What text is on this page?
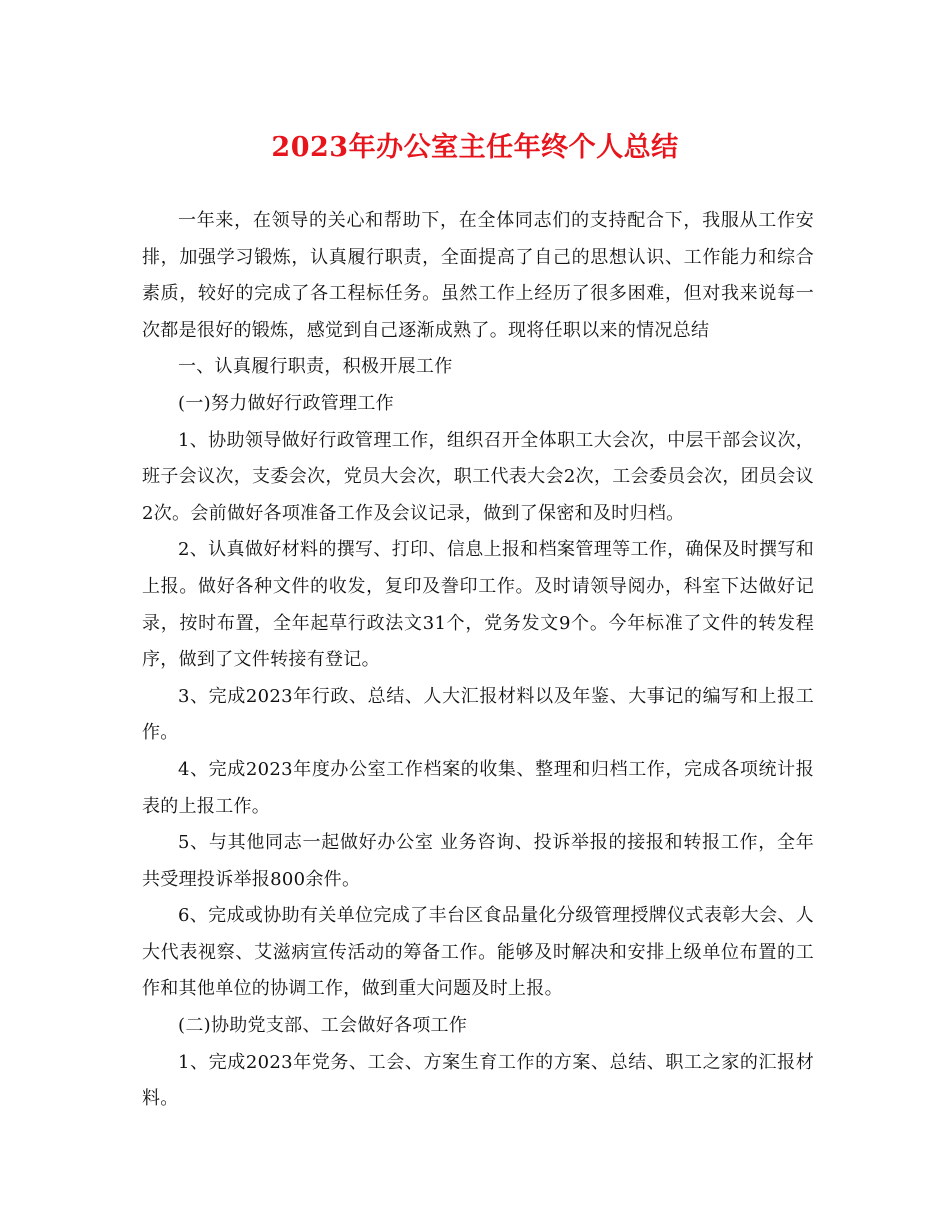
2023年办公室主任年终个人总结

一年来，在领导的关心和帮助下，在全体同志们的支持配合下，我服从工作安排，加强学习锻炼，认真履行职责，全面提高了自己的思想认识、工作能力和综合素质，较好的完成了各工程标任务。虽然工作上经历了很多困难，但对我来说每一次都是很好的锻炼，感觉到自己逐渐成熟了。现将任职以来的情况总结

一、认真履行职责，积极开展工作

(一)努力做好行政管理工作

1、协助领导做好行政管理工作，组织召开全体职工大会次，中层干部会议次，班子会议次，支委会次，党员大会次，职工代表大会2次，工会委员会次，团员会议2次。会前做好各项准备工作及会议记录，做到了保密和及时归档。

2、认真做好材料的撰写、打印、信息上报和档案管理等工作，确保及时撰写和上报。做好各种文件的收发，复印及誊印工作。及时请领导阅办，科室下达做好记录，按时布置，全年起草行政法文31个，党务发文9个。今年标准了文件的转发程序，做到了文件转接有登记。

3、完成2023年行政、总结、人大汇报材料以及年鉴、大事记的编写和上报工作。

4、完成2023年度办公室工作档案的收集、整理和归档工作，完成各项统计报表的上报工作。

5、与其他同志一起做好办公室 业务咨询、投诉举报的接报和转报工作，全年共受理投诉举报800余件。

6、完成或协助有关单位完成了丰台区食品量化分级管理授牌仪式表彰大会、人大代表视察、艾滋病宣传活动的筹备工作。能够及时解决和安排上级单位布置的工作和其他单位的协调工作，做到重大问题及时上报。

(二)协助党支部、工会做好各项工作

1、完成2023年党务、工会、方案生育工作的方案、总结、职工之家的汇报材料。
